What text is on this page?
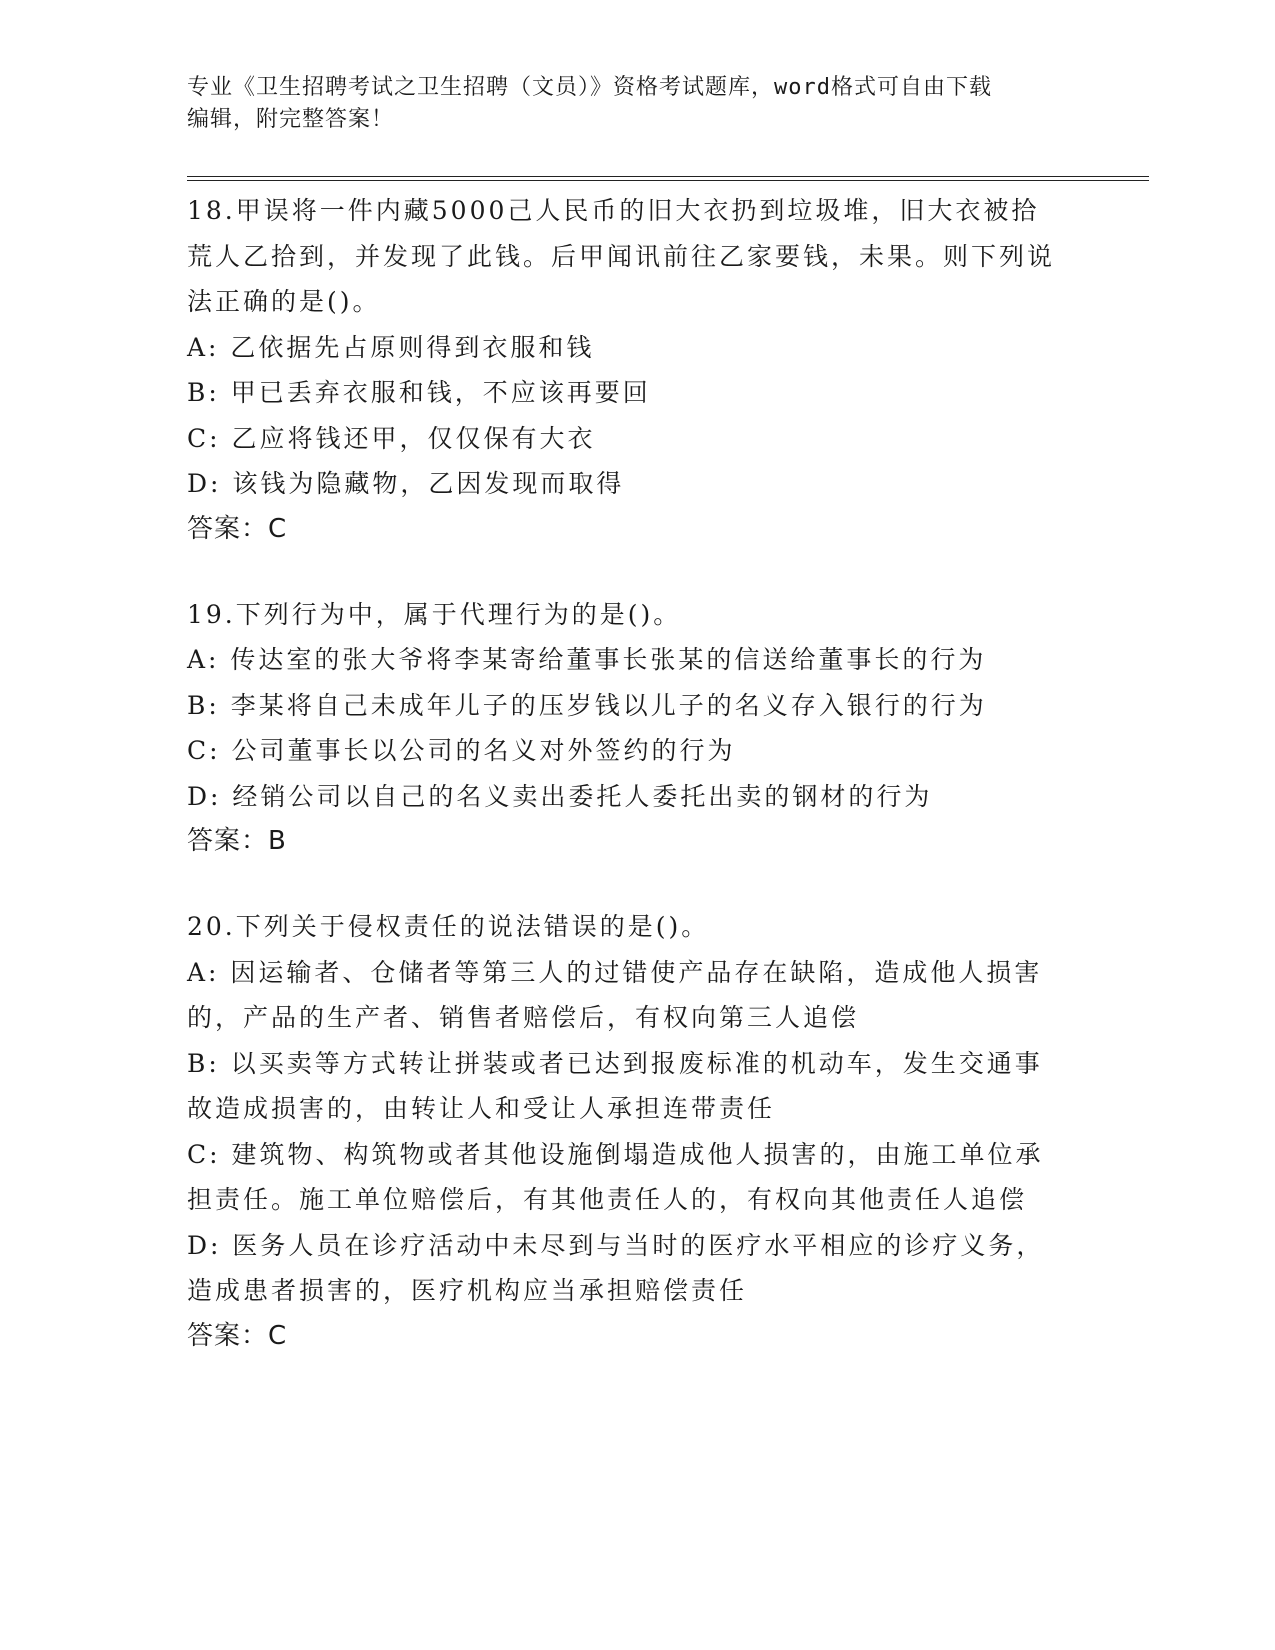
专业《卫生招聘考试之卫生招聘（文员）》资格考试题库，word格式可自由下载
编辑，附完整答案！

18.甲误将一件内藏5000己人民币的旧大衣扔到垃圾堆，旧大衣被拾荒人乙拾到，并发现了此钱。后甲闻讯前往乙家要钱，未果。则下列说法正确的是()。

A: 乙依据先占原则得到衣服和钱

B: 甲已丢弃衣服和钱，不应该再要回

C: 乙应将钱还甲，仅仅保有大衣

D: 该钱为隐藏物，乙因发现而取得

答案：C

19.下列行为中，属于代理行为的是()。

A: 传达室的张大爷将李某寄给董事长张某的信送给董事长的行为

B: 李某将自己未成年儿子的压岁钱以儿子的名义存入银行的行为

C: 公司董事长以公司的名义对外签约的行为

D: 经销公司以自己的名义卖出委托人委托出卖的钢材的行为

答案：B

20.下列关于侵权责任的说法错误的是()。

A: 因运输者、仓储者等第三人的过错使产品存在缺陷，造成他人损害的，产品的生产者、销售者赔偿后，有权向第三人追偿

B: 以买卖等方式转让拼装或者已达到报废标准的机动车，发生交通事故造成损害的，由转让人和受让人承担连带责任

C: 建筑物、构筑物或者其他设施倒塌造成他人损害的，由施工单位承担责任。施工单位赔偿后，有其他责任人的，有权向其他责任人追偿

D: 医务人员在诊疗活动中未尽到与当时的医疗水平相应的诊疗义务，造成患者损害的，医疗机构应当承担赔偿责任

答案：C
